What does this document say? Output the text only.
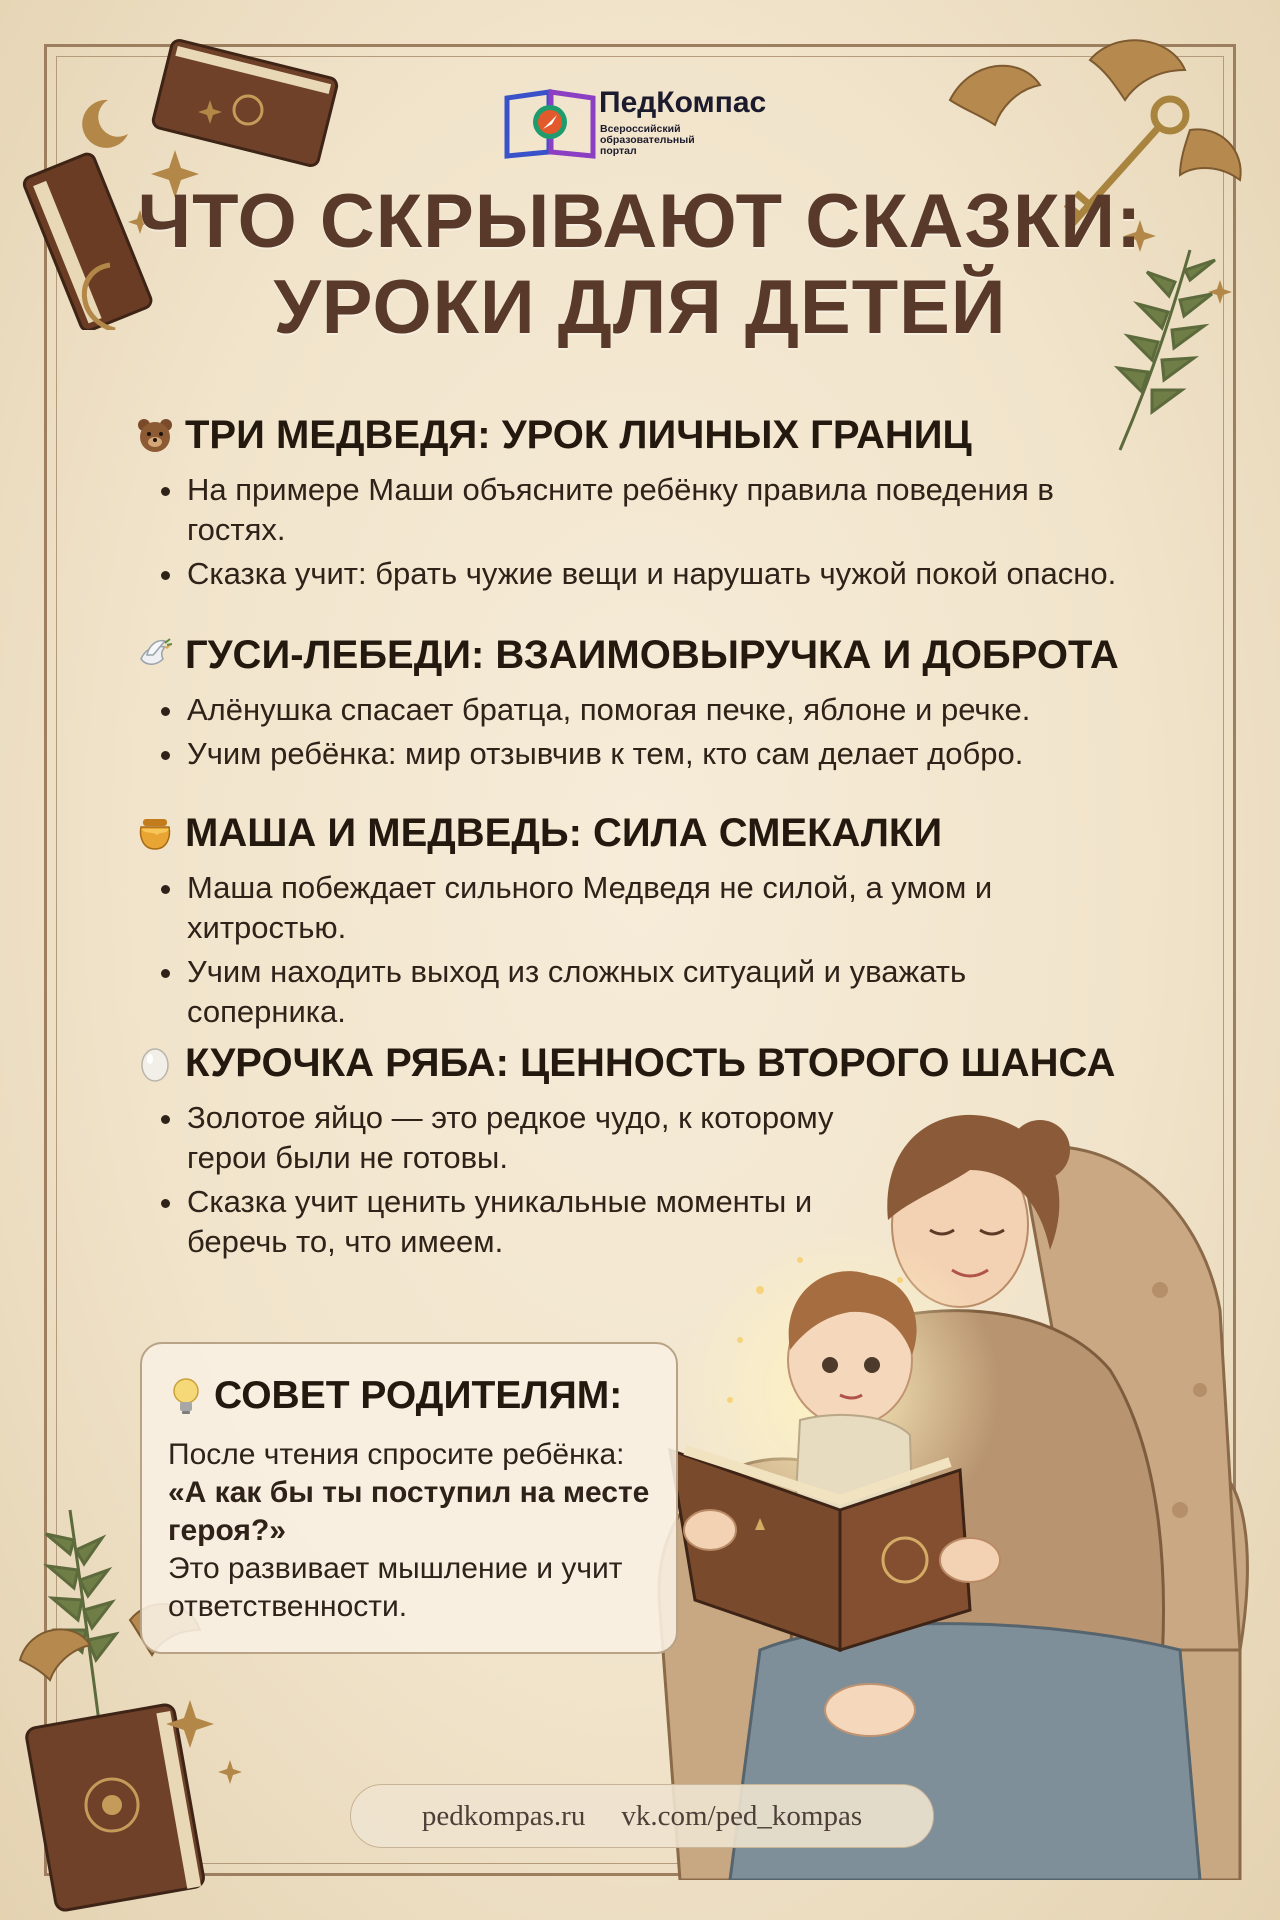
ПедКомпас
Всероссийский образовательный портал
ЧТО СКРЫВАЮТ СКАЗКИ:
УРОКИ ДЛЯ ДЕТЕЙ
ТРИ МЕДВЕДЯ: УРОК ЛИЧНЫХ ГРАНИЦ
На примере Маши объясните ребёнку правила поведения в гостях.
Сказка учит: брать чужие вещи и нарушать чужой покой опасно.
ГУСИ-ЛЕБЕДИ: ВЗАИМОВЫРУЧКА И ДОБРОТА
Алёнушка спасает братца, помогая печке, яблоне и речке.
Учим ребёнка: мир отзывчив к тем, кто сам делает добро.
МАША И МЕДВЕДЬ: СИЛА СМЕКАЛКИ
Маша побеждает сильного Медведя не силой, а умом и хитростью.
Учим находить выход из сложных ситуаций и уважать соперника.
КУРОЧКА РЯБА: ЦЕННОСТЬ ВТОРОГО ШАНСА
Золотое яйцо — это редкое чудо, к которому герои были не готовы.
Сказка учит ценить уникальные моменты и беречь то, что имеем.
СОВЕТ РОДИТЕЛЯМ:
После чтения спросите ребёнка:
«А как бы ты поступил на месте героя?»
Это развивает мышление и учит ответственности.
pedkompas.ru vk.com/ped_kompas
